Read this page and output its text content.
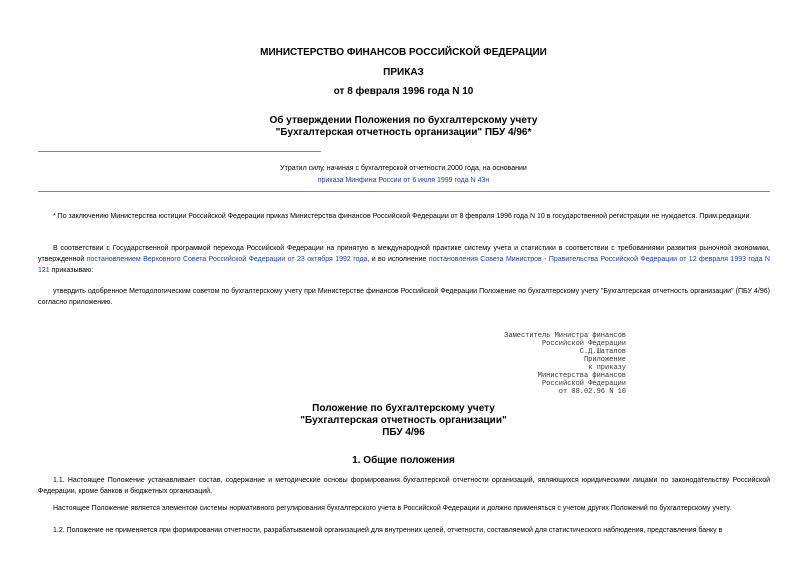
МИНИСТЕРСТВО ФИНАНСОВ РОССИЙСКОЙ ФЕДЕРАЦИИ
ПРИКАЗ
от 8 февраля 1996 года N 10
Об утверждении Положения по бухгалтерскому учету
"Бухгалтерская отчетность организации" ПБУ 4/96*
Утратил силу, начиная с бухгалтерской отчетности 2000 года, на основании
приказа Минфина России от 6 июля 1999 года N 43н
* По заключению Министерства юстиции Российской Федерации приказ Министерства финансов Российской Федерации от 8 февраля 1996 года N 10 в государственной регистрации не нуждается. Прим.редакции.
В соответствии с Государственной программой перехода Российской Федерации на принятую в международной практике систему учета и статистики в соответствии с требованиями развития рыночной экономики, утвержденной постановлением Верховного Совета Российской Федерации от 23 октября 1992 года, и во исполнение постановления Совета Министров - Правительства Российской Федерации от 12 февраля 1993 года N 121 приказываю:
утвердить одобренное Методологическим советом по бухгалтерскому учету при Министерстве финансов Российской Федерации Положение по бухгалтерскому учету "Бухгалтерская отчетность организации" (ПБУ 4/96) согласно приложению.
Заместитель Министра финансов
Российской Федерации
С.Д.Шаталов
Приложение
к приказу
Министерства финансов
Российской Федерации
от 08.02.96 N 10
Положение по бухгалтерскому учету
"Бухгалтерская отчетность организации"
ПБУ 4/96
1. Общие положения
1.1. Настоящее Положение устанавливает состав, содержание и методические основы формирования бухгалтерской отчетности организаций, являющихся юридическими лицами по законодательству Российской Федерации, кроме банков и бюджетных организаций.
Настоящее Положение является элементом системы нормативного регулирования бухгалтерского учета в Российской Федерации и должно применяться с учетом других Положений по бухгалтерскому учету.
1.2. Положение не применяется при формировании отчетности, разрабатываемой организацией для внутренних целей, отчетности, составляемой для статистического наблюдения, представления банку в
